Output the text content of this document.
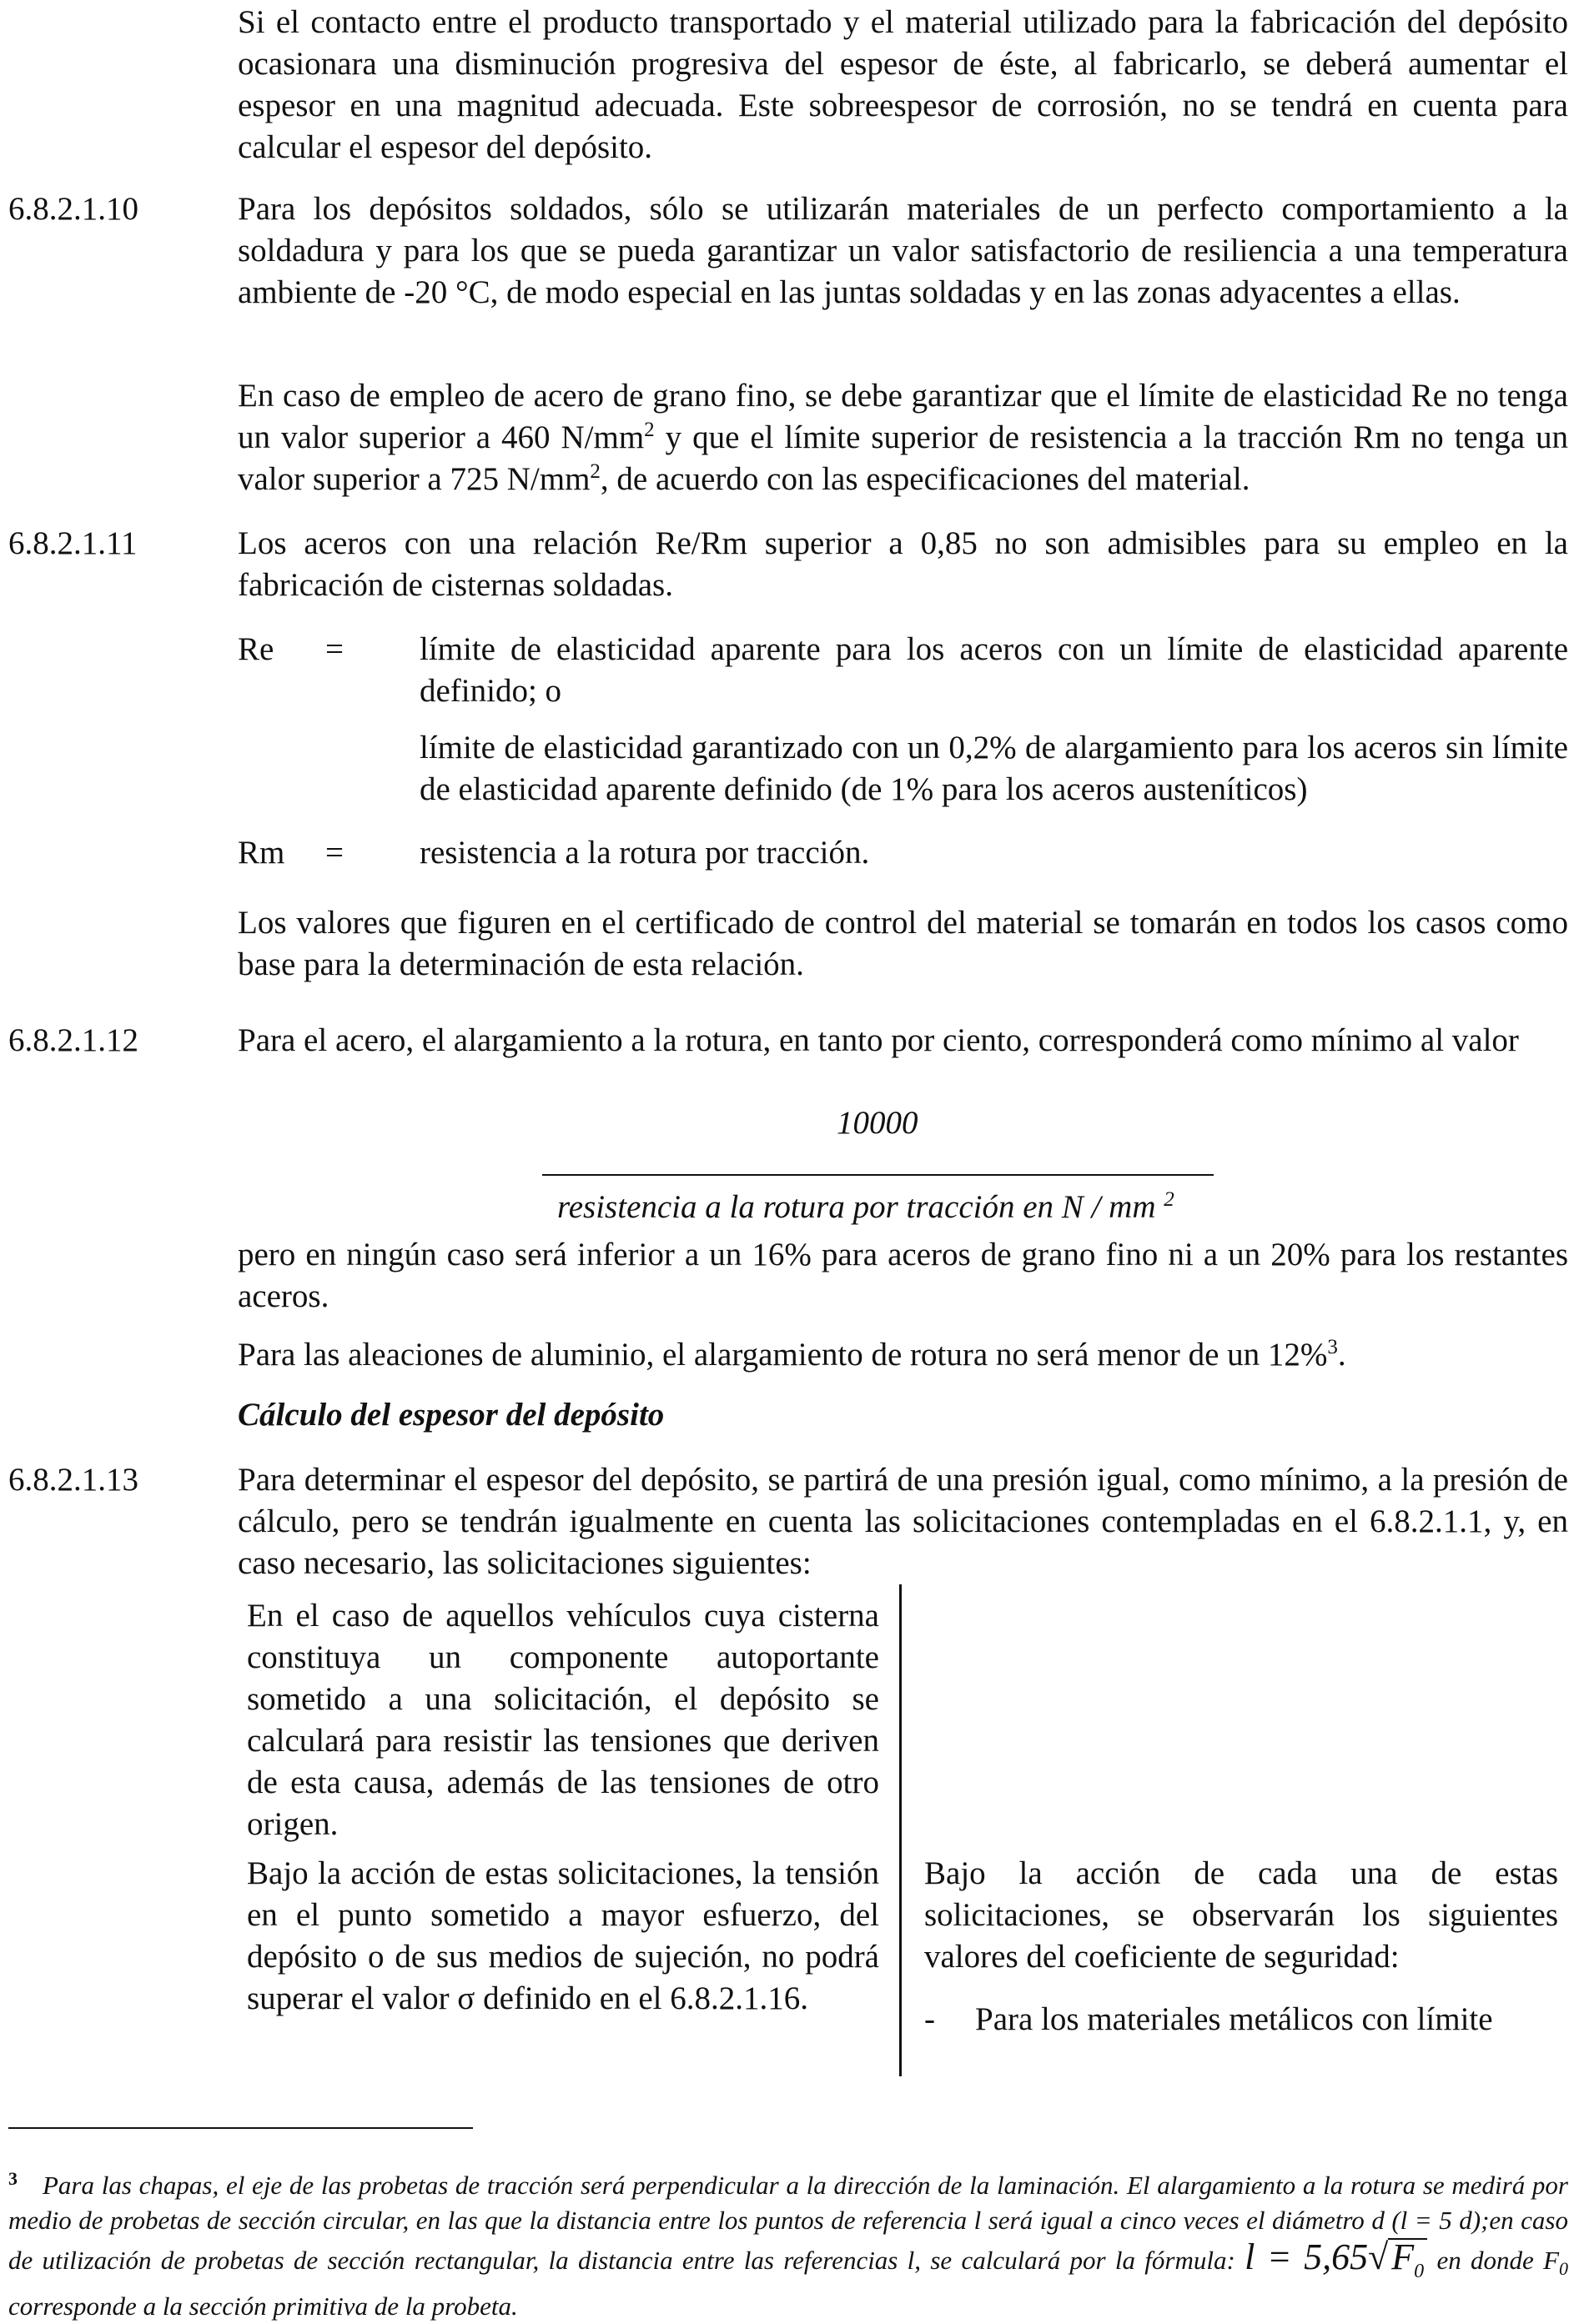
Si el contacto entre el producto transportado y el material utilizado para la fabricación del depósito ocasionara una disminución progresiva del espesor de éste, al fabricarlo, se deberá aumentar el espesor en una magnitud adecuada. Este sobreespesor de corrosión, no se tendrá en cuenta para calcular el espesor del depósito.
6.8.2.1.10	Para los depósitos soldados, sólo se utilizarán materiales de un perfecto comportamiento a la soldadura y para los que se pueda garantizar un valor satisfactorio de resiliencia a una temperatura ambiente de -20 °C, de modo especial en las juntas soldadas y en las zonas adyacentes a ellas.
En caso de empleo de acero de grano fino, se debe garantizar que el límite de elasticidad Re no tenga un valor superior a 460 $N/mm^2$ y que el límite superior de resistencia a la tracción Rm no tenga un valor superior a 725 $N/mm^2$, de acuerdo con las especificaciones del material.
6.8.2.1.11	Los aceros con una relación Re/Rm superior a 0,85 no son admisibles para su empleo en la fabricación de cisternas soldadas.
Re = límite de elasticidad aparente para los aceros con un límite de elasticidad aparente definido; o
límite de elasticidad garantizado con un 0,2% de alargamiento para los aceros sin límite de elasticidad aparente definido (de 1% para los aceros austeníticos)
Rm = resistencia a la rotura por tracción.
Los valores que figuren en el certificado de control del material se tomarán en todos los casos como base para la determinación de esta relación.
6.8.2.1.12	Para el acero, el alargamiento a la rotura, en tanto por ciento, corresponderá como mínimo al valor
10000
resistencia a la rotura por tracción en N / mm $^2$
pero en ningún caso será inferior a un 16% para aceros de grano fino ni a un 20% para los restantes aceros.
Para las aleaciones de aluminio, el alargamiento de rotura no será menor de un 12%$^3$.
Cálculo del espesor del depósito
6.8.2.1.13	Para determinar el espesor del depósito, se partirá de una presión igual, como mínimo, a la presión de cálculo, pero se tendrán igualmente en cuenta las solicitaciones contempladas en el 6.8.2.1.1, y, en caso necesario, las solicitaciones siguientes:

En el caso de aquellos vehículos cuya cisterna constituya un componente autoportante sometido a una solicitación, el depósito se calculará para resistir las tensiones que deriven de esta causa, además de las tensiones de otro origen.

Bajo la acción de estas solicitaciones, la tensión en el punto sometido a mayor esfuerzo, del depósito o de sus medios de sujeción, no podrá superar el valor σ definido en el 6.8.2.1.16.

Bajo la acción de cada una de estas solicitaciones, se observarán los siguientes valores del coeficiente de seguridad:

- Para los materiales metálicos con límite
$^3$ Para las chapas, el eje de las probetas de tracción será perpendicular a la dirección de la laminación. El alargamiento a la rotura se medirá por medio de probetas de sección circular, en las que la distancia entre los puntos de referencia l será igual a cinco veces el diámetro d (l = 5 d);en caso de utilización de probetas de sección rectangular, la distancia entre las referencias l, se calculará por la fórmula: $l = 5,65√F_0$ en donde $F_0$ corresponde a la sección primitiva de la probeta.
